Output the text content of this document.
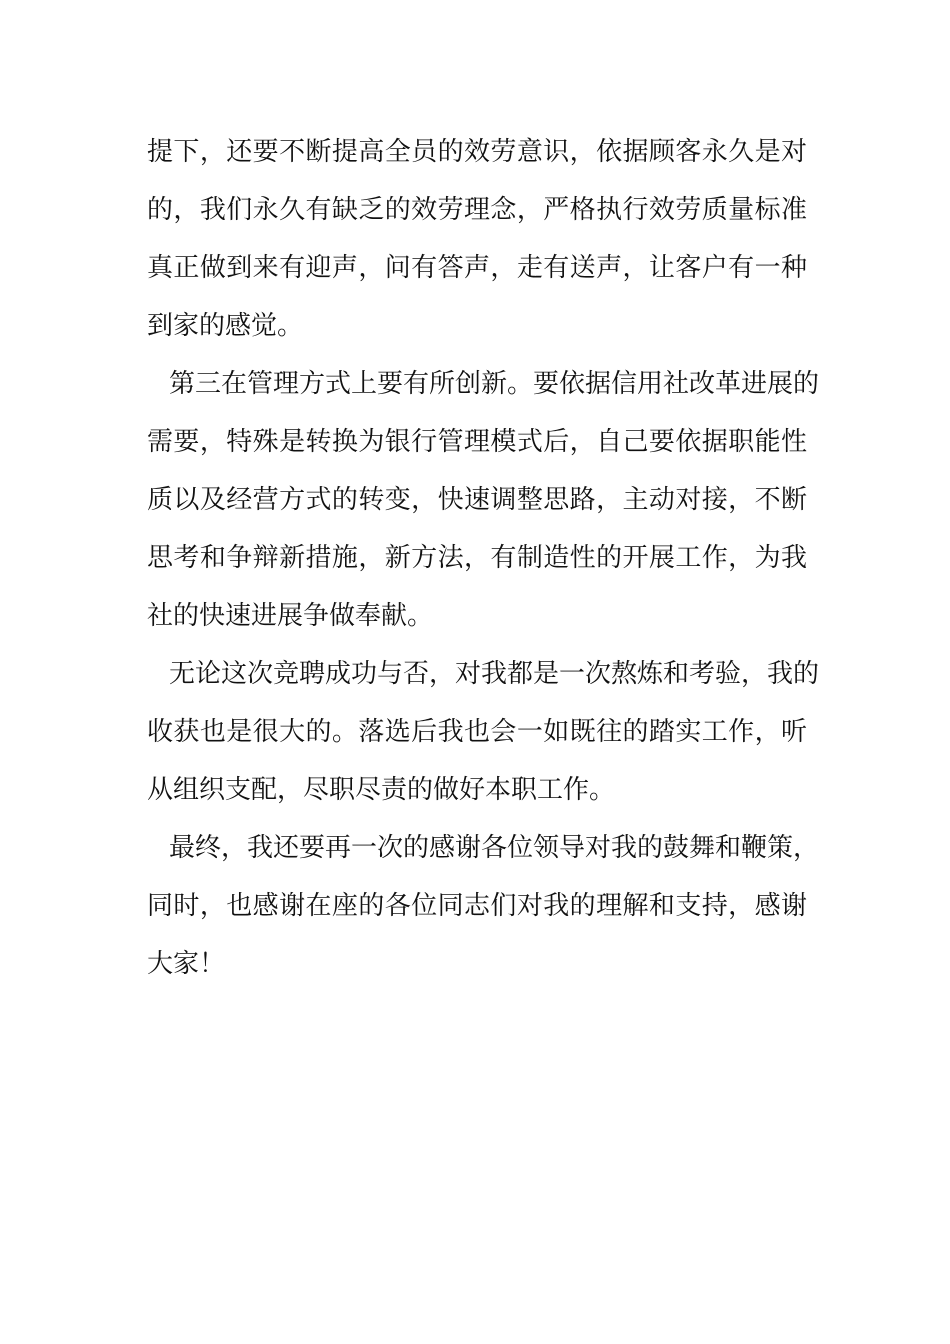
提下，还要不断提高全员的效劳意识，依据顾客永久是对
的，我们永久有缺乏的效劳理念，严格执行效劳质量标准
真正做到来有迎声，问有答声，走有送声，让客户有一种
到家的感觉。
第三在管理方式上要有所创新。要依据信用社改革进展的
需要，特殊是转换为银行管理模式后，自己要依据职能性
质以及经营方式的转变，快速调整思路，主动对接，不断
思考和争辩新措施，新方法，有制造性的开展工作，为我
社的快速进展争做奉献。
无论这次竞聘成功与否，对我都是一次熬炼和考验，我的
收获也是很大的。落选后我也会一如既往的踏实工作，听
从组织支配，尽职尽责的做好本职工作。
最终，我还要再一次的感谢各位领导对我的鼓舞和鞭策，
同时，也感谢在座的各位同志们对我的理解和支持，感谢
大家！
